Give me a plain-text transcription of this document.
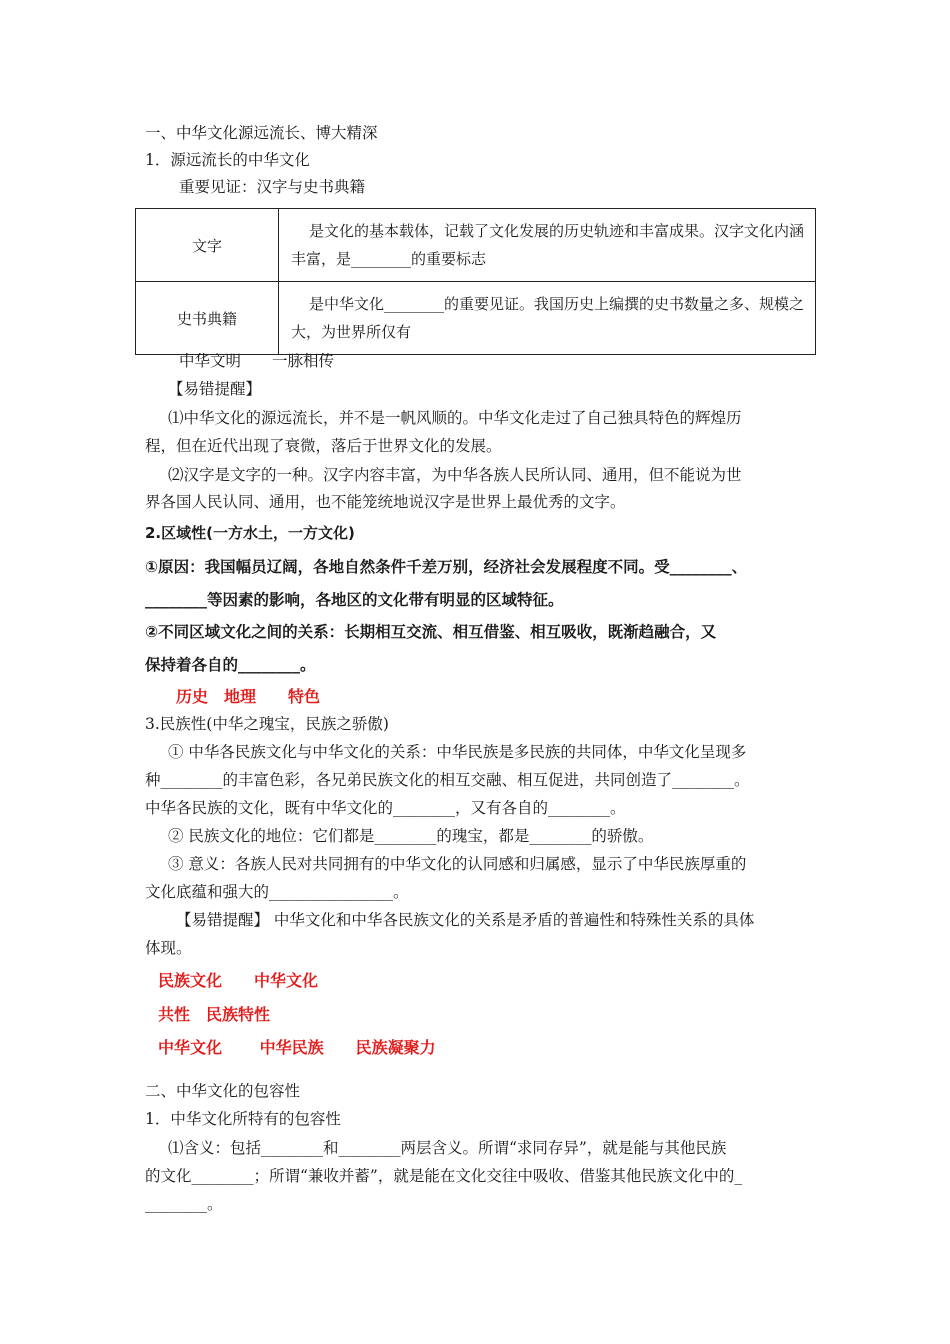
一、中华文化源远流长、博大精深
1．源远流长的中华文化
重要见证：汉字与史书典籍
文字	是文化的基本载体，记载了文化发展的历史轨迹和丰富成果。汉字文化内涵丰富，是________的重要标志
史书典籍	是中华文化________的重要见证。我国历史上编撰的史书数量之多、规模之大，为世界所仅有
中华文明　　一脉相传
【易错提醒】
⑴中华文化的源远流长，并不是一帆风顺的。中华文化走过了自己独具特色的辉煌历
程，但在近代出现了衰微，落后于世界文化的发展。
⑵汉字是文字的一种。汉字内容丰富，为中华各族人民所认同、通用，但不能说为世
界各国人民认同、通用，也不能笼统地说汉字是世界上最优秀的文字。
2.区域性(一方水土，一方文化)
①原因：我国幅员辽阔，各地自然条件千差万别，经济社会发展程度不同。受________、
________等因素的影响，各地区的文化带有明显的区域特征。
②不同区域文化之间的关系：长期相互交流、相互借鉴、相互吸收，既渐趋融合，又
保持着各自的________。
历史　地理　　特色
3.民族性(中华之瑰宝，民族之骄傲)
① 中华各民族文化与中华文化的关系：中华民族是多民族的共同体，中华文化呈现多
种________的丰富色彩，各兄弟民族文化的相互交融、相互促进，共同创造了________。
中华各民族的文化，既有中华文化的________，又有各自的________。
② 民族文化的地位：它们都是________的瑰宝，都是________的骄傲。
③ 意义：各族人民对共同拥有的中华文化的认同感和归属感，显示了中华民族厚重的
文化底蕴和强大的________________。
【易错提醒】 中华文化和中华各民族文化的关系是矛盾的普遍性和特殊性关系的具体
体现。
民族文化　　中华文化
共性　民族特性
中华文化　　 中华民族　　民族凝聚力
二、中华文化的包容性
1．中华文化所特有的包容性
⑴含义：包括________和________两层含义。所谓“求同存异”，就是能与其他民族
的文化________；所谓“兼收并蓄”，就是能在文化交往中吸收、借鉴其他民族文化中的_
________。
